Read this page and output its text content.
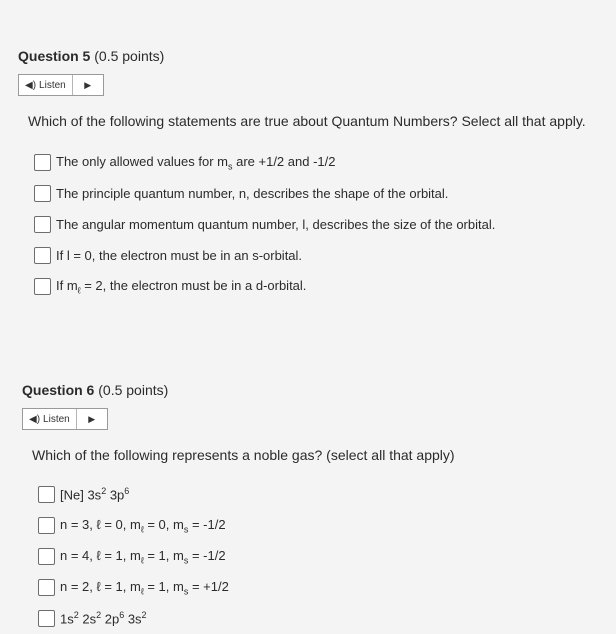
Question 5 (0.5 points)

◀) Listen	▶

Which of the following statements are true about Quantum Numbers? Select all that apply.

The only allowed values for $m_s$ are +1/2 and -1/2
The principle quantum number, n, describes the shape of the orbital.
The angular momentum quantum number, l, describes the size of the orbital.
If l = 0, the electron must be in an s-orbital.
If $m_\ell = 2$, the electron must be in a d-orbital.

Question 6 (0.5 points)

◀) Listen	▶

Which of the following represents a noble gas? (select all that apply)

[Ne] $3s^2$ $3p^6$
n = 3, ℓ = 0, $m_\ell = 0$, $m_s = -1/2$
n = 4, ℓ = 1, $m_\ell = 1$, $m_s = -1/2$
n = 2, ℓ = 1, $m_\ell = 1$, $m_s = +1/2$
$1s^2$ $2s^2$ $2p^6$ $3s^2$
